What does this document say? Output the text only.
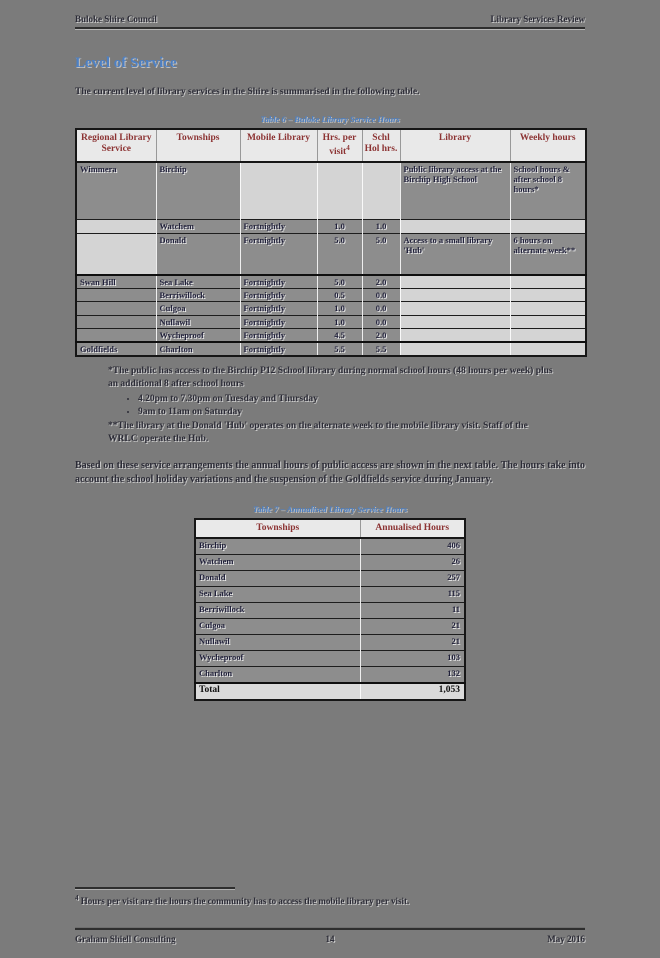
Buloke Shire Council	Library Services Review
Level of Service
The current level of library services in the Shire is summarised in the following table.
Table 6 – Buloke Library Service Hours
Regional Library Service	Townships	Mobile Library	Hrs. per visit$^4$	Schl Hol hrs.	Library	Weekly hours
Wimmera	Birchip				Public library access at the Birchip High School	School hours & after school 8 hours*
	Watchem	Fortnightly	1.0	1.0		
	Donald	Fortnightly	5.0	5.0	Access to a small library 'Hub'	6 hours on alternate week**
Swan Hill	Sea Lake	Fortnightly	5.0	2.0		
	Berriwillock	Fortnightly	0.5	0.0		
	Culgoa	Fortnightly	1.0	0.0		
	Nullawil	Fortnightly	1.0	0.0		
	Wycheproof	Fortnightly	4.5	2.0		
Goldfields	Charlton	Fortnightly	5.5	5.5		
*The public has access to the Birchip P12 School library during normal school hours (48 hours per week) plus an additional 8 after school hours
• 4.20pm to 7.30pm on Tuesday and Thursday
• 9am to 11am on Saturday
**The library at the Donald 'Hub' operates on the alternate week to the mobile library visit. Staff of the WRLC operate the Hub.
Based on these service arrangements the annual hours of public access are shown in the next table. The hours take into account the school holiday variations and the suspension of the Goldfields service during January.
Table 7 – Annualised Library Service Hours
Townships	Annualised Hours
Birchip	406
Watchem	26
Donald	257
Sea Lake	115
Berriwillock	11
Culgoa	21
Nullawil	21
Wycheproof	103
Charlton	132
Total	1,053
$^4$ Hours per visit are the hours the community has to access the mobile library per visit.
Graham Shiell Consulting	14	May 2016
